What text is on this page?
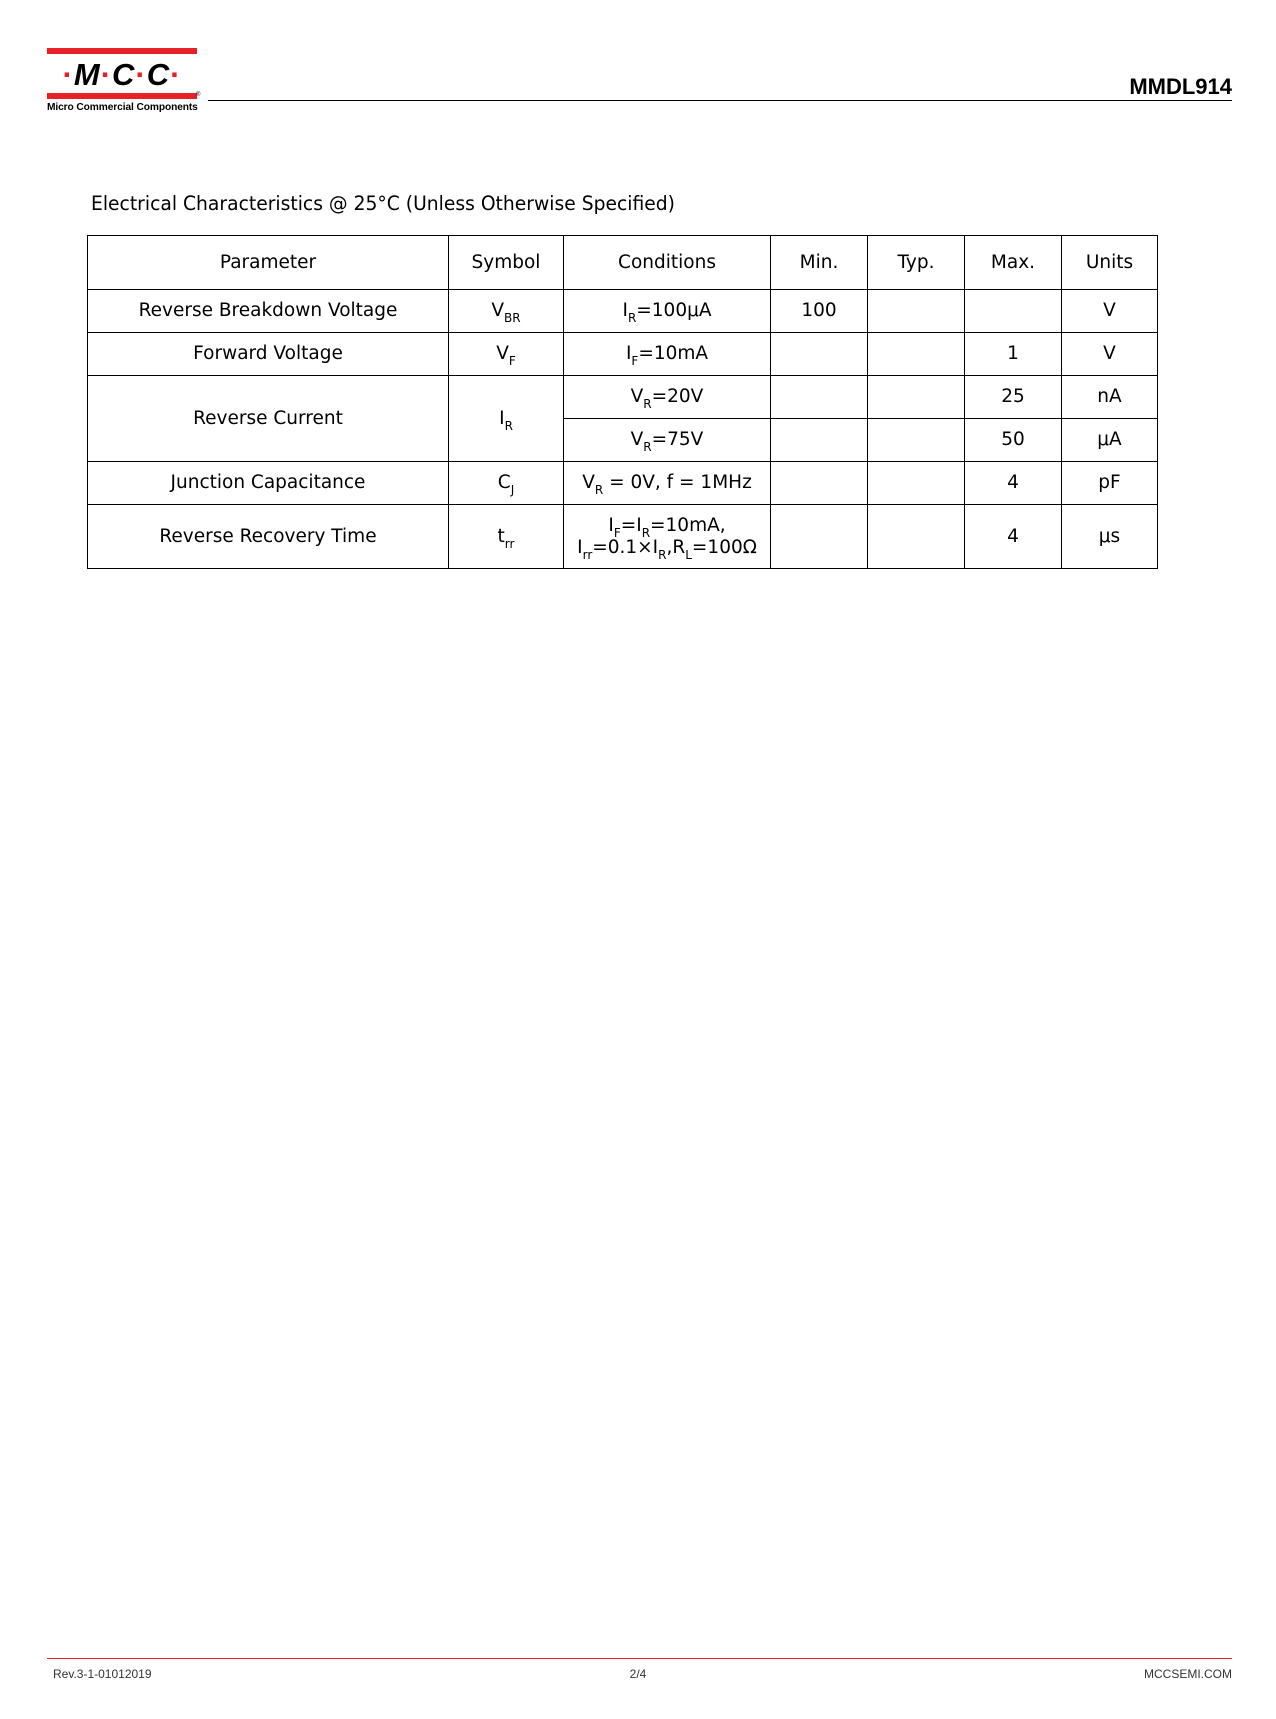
·M·C·C·
®
Micro Commercial Components
MMDL914
Electrical Characteristics @ 25°C (Unless Otherwise Specified)
Parameter	Symbol	Conditions	Min.	Typ.	Max.	Units
Reverse Breakdown Voltage	$V_{BR}$	$I_R=100\mu A$	100			V
Forward Voltage	$V_F$	$I_F=10mA$			1	V
Reverse Current	$I_R$	$V_R=20V$			25	nA
		$V_R=75V$			50	μA
Junction Capacitance	$C_J$	$V_R = 0V$, f = 1MHz			4	pF
Reverse Recovery Time	$t_{rr}$	$I_F=I_R=10mA$,
$I_{rr}=0.1\times I_R,R_L=100\Omega$			4	μs
Rev.3-1-01012019	2/4	MCCSEMI.COM
